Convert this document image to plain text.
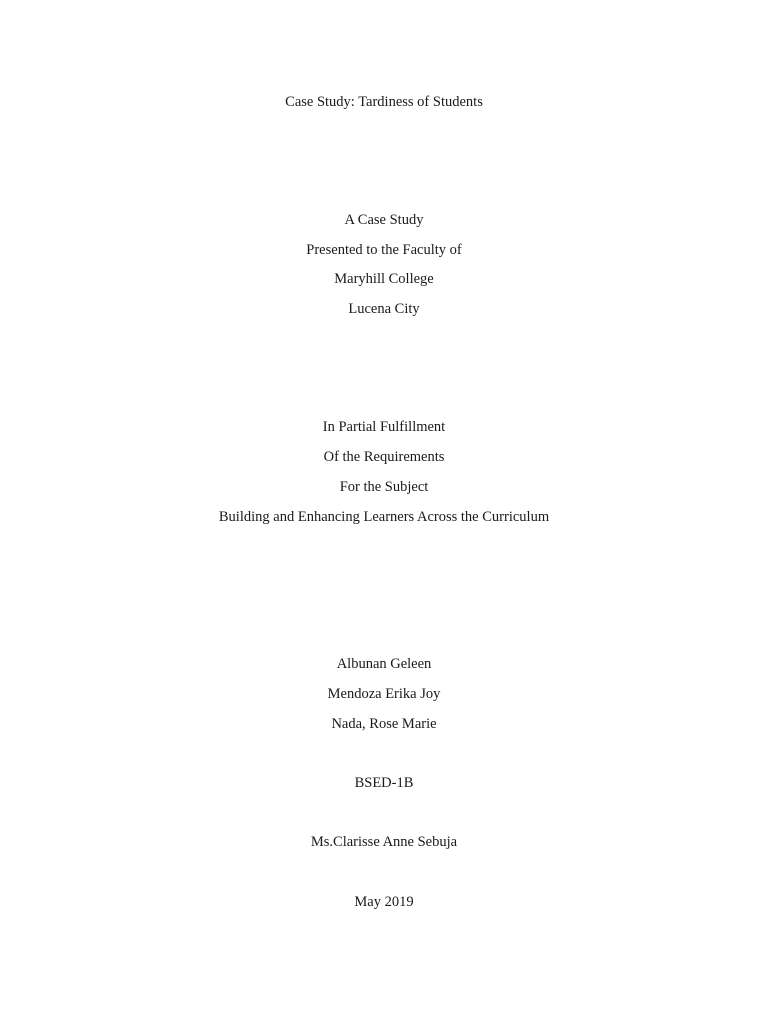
Case Study: Tardiness of Students
A Case Study
Presented to the Faculty of
Maryhill College
Lucena City
In Partial Fulfillment
Of the Requirements
For the Subject
Building and Enhancing Learners Across the Curriculum
Albunan Geleen
Mendoza Erika Joy
Nada, Rose Marie
BSED-1B
Ms.Clarisse Anne Sebuja
May 2019
